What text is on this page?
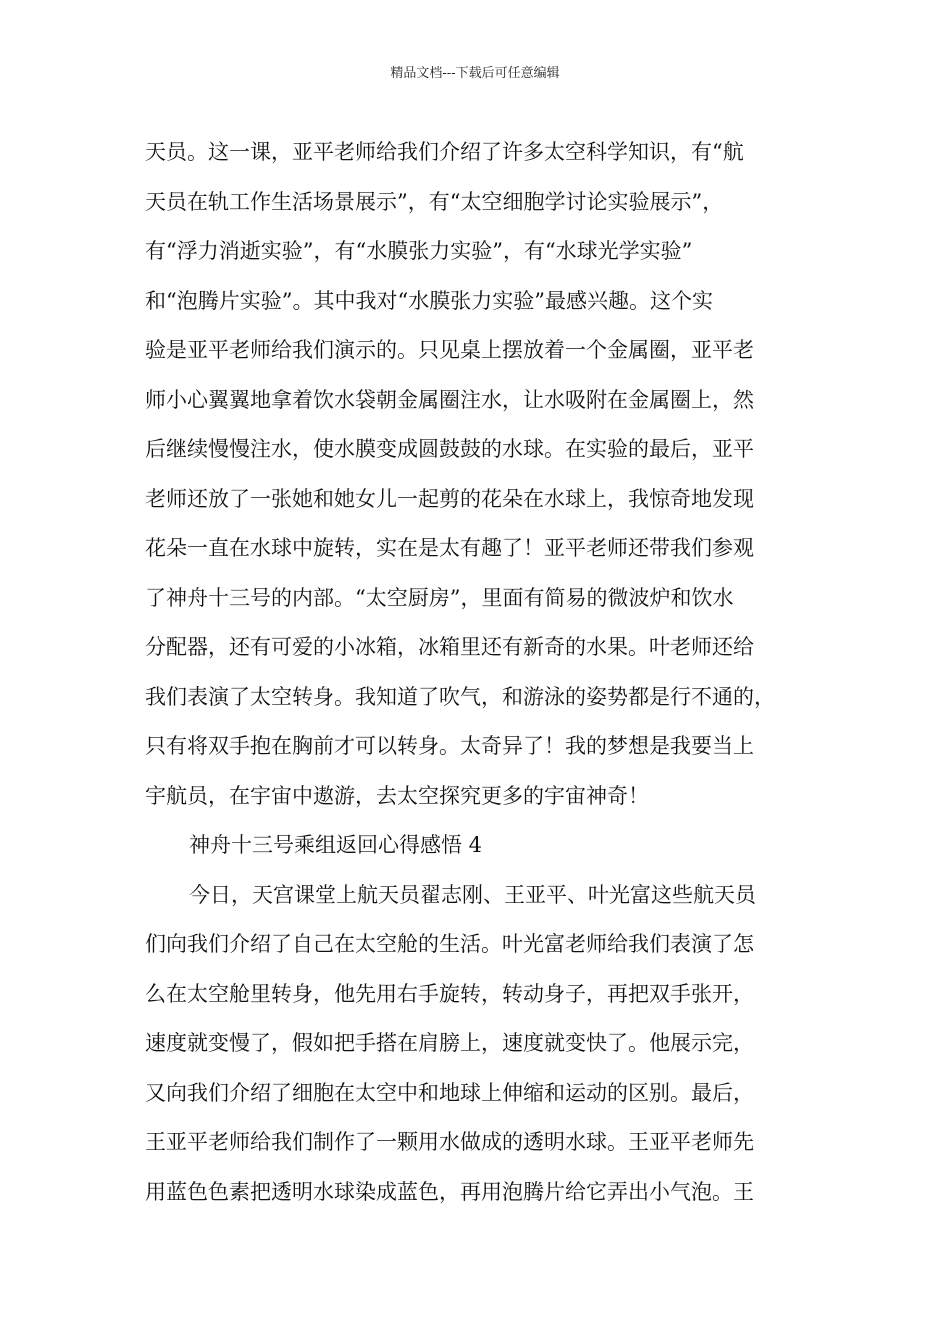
精品文档---下载后可任意编辑
天员。这一课，亚平老师给我们介绍了许多太空科学知识，有“航
天员在轨工作生活场景展示”，有“太空细胞学讨论实验展示”，
有“浮力消逝实验”，有“水膜张力实验”，有“水球光学实验”
和“泡腾片实验”。其中我对“水膜张力实验”最感兴趣。这个实
验是亚平老师给我们演示的。只见桌上摆放着一个金属圈，亚平老
师小心翼翼地拿着饮水袋朝金属圈注水，让水吸附在金属圈上，然
后继续慢慢注水，使水膜变成圆鼓鼓的水球。在实验的最后，亚平
老师还放了一张她和她女儿一起剪的花朵在水球上，我惊奇地发现
花朵一直在水球中旋转，实在是太有趣了！亚平老师还带我们参观
了神舟十三号的内部。“太空厨房”，里面有简易的微波炉和饮水
分配器，还有可爱的小冰箱，冰箱里还有新奇的水果。叶老师还给
我们表演了太空转身。我知道了吹气，和游泳的姿势都是行不通的，
只有将双手抱在胸前才可以转身。太奇异了！我的梦想是我要当上
宇航员，在宇宙中遨游，去太空探究更多的宇宙神奇！
神舟十三号乘组返回心得感悟 4
今日，天宫课堂上航天员翟志刚、王亚平、叶光富这些航天员
们向我们介绍了自己在太空舱的生活。叶光富老师给我们表演了怎
么在太空舱里转身，他先用右手旋转，转动身子，再把双手张开，
速度就变慢了，假如把手搭在肩膀上，速度就变快了。他展示完，
又向我们介绍了细胞在太空中和地球上伸缩和运动的区别。最后，
王亚平老师给我们制作了一颗用水做成的透明水球。王亚平老师先
用蓝色色素把透明水球染成蓝色，再用泡腾片给它弄出小气泡。王
